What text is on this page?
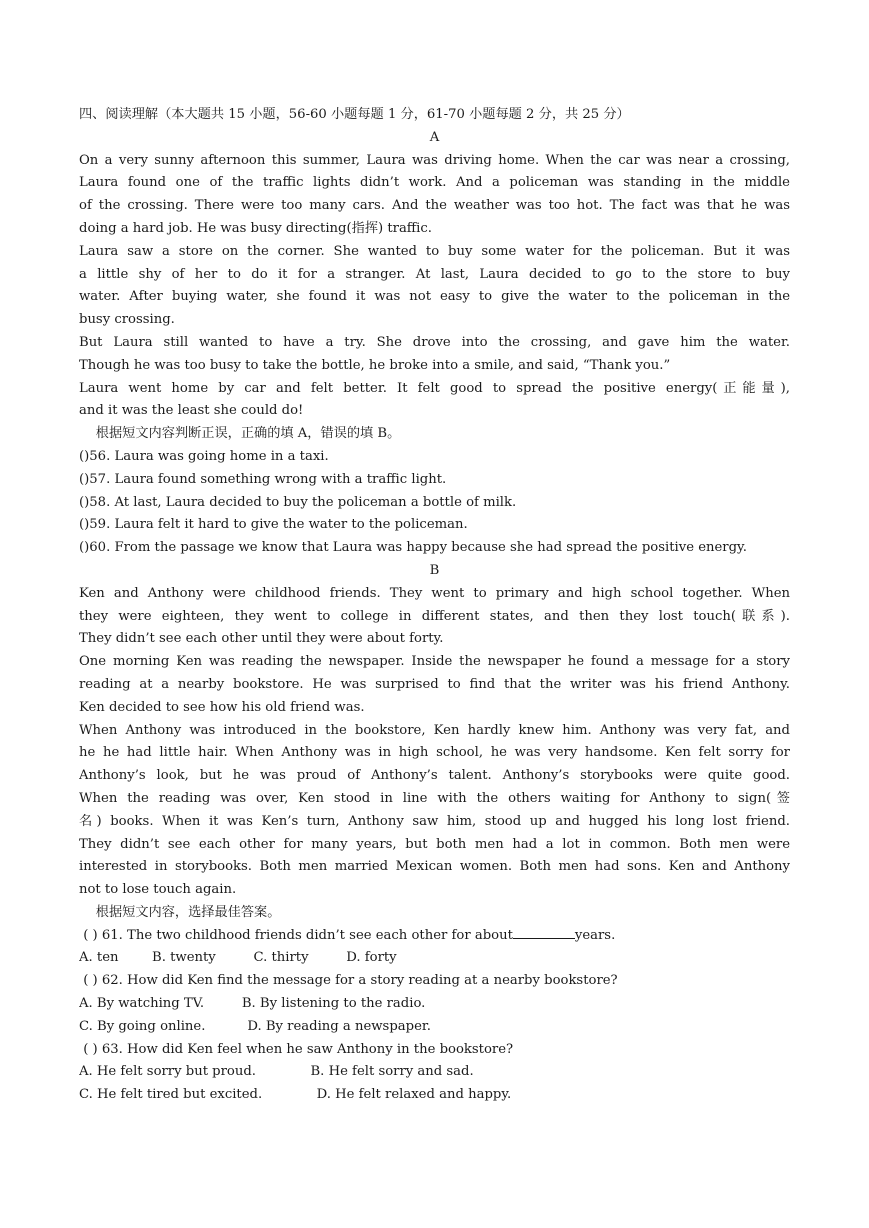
四、阅读理解（本大题共 15 小题，56-60 小题每题 1 分，61-70 小题每题 2 分，共 25 分）
A
On a very sunny afternoon this summer, Laura was driving home. When the car was near a crossing,
Laura found one of the traffic lights didn’t work. And a policeman was standing in the middle
of the crossing. There were too many cars. And the weather was too hot. The fact was that he was
doing a hard job. He was busy directing(指挥) traffic.
Laura saw a store on the corner. She wanted to buy some water for the policeman. But it was
a little shy of her to do it for a stranger. At last, Laura decided to go to the store to buy
water. After buying water, she found it was not easy to give the water to the policeman in the
busy crossing.
But Laura still wanted to have a try. She drove into the crossing, and gave him the water.
Though he was too busy to take the bottle, he broke into a smile, and said, “Thank you.”
Laura went home by car and felt better. It felt good to spread the positive energy(正能量),
and it was the least she could do!
根据短文内容判断正误，正确的填 A，错误的填 B。
()56. Laura was going home in a taxi.
()57. Laura found something wrong with a traffic light.
()58. At last, Laura decided to buy the policeman a bottle of milk.
()59. Laura felt it hard to give the water to the policeman.
()60. From the passage we know that Laura was happy because she had spread the positive energy.
B
Ken and Anthony were childhood friends. They went to primary and high school together. When
they were eighteen, they went to college in different states, and then they lost touch(联系).
They didn’t see each other until they were about forty.
One morning Ken was reading the newspaper. Inside the newspaper he found a message for a story
reading at a nearby bookstore. He was surprised to find that the writer was his friend Anthony.
Ken decided to see how his old friend was.
When Anthony was introduced in the bookstore, Ken hardly knew him. Anthony was very fat, and
he he had little hair. When Anthony was in high school, he was very handsome. Ken felt sorry for
Anthony’s look, but he was proud of Anthony’s talent. Anthony’s storybooks were quite good.
When the reading was over, Ken stood in line with the others waiting for Anthony to sign(签
名) books. When it was Ken’s turn, Anthony saw him, stood up and hugged his long lost friend.
They didn’t see each other for many years, but both men had a lot in common. Both men were
interested in storybooks. Both men married Mexican women. Both men had sons. Ken and Anthony
not to lose touch again.
根据短文内容，选择最佳答案。
( ) 61. The two childhood friends didn’t see each other for about	years.
A. ten        B. twenty         C. thirty         D. forty
( ) 62. How did Ken find the message for a story reading at a nearby bookstore?
A. By watching TV.         B. By listening to the radio.
C. By going online.          D. By reading a newspaper.
( ) 63. How did Ken feel when he saw Anthony in the bookstore?
A. He felt sorry but proud.             B. He felt sorry and sad.
C. He felt tired but excited.             D. He felt relaxed and happy.
